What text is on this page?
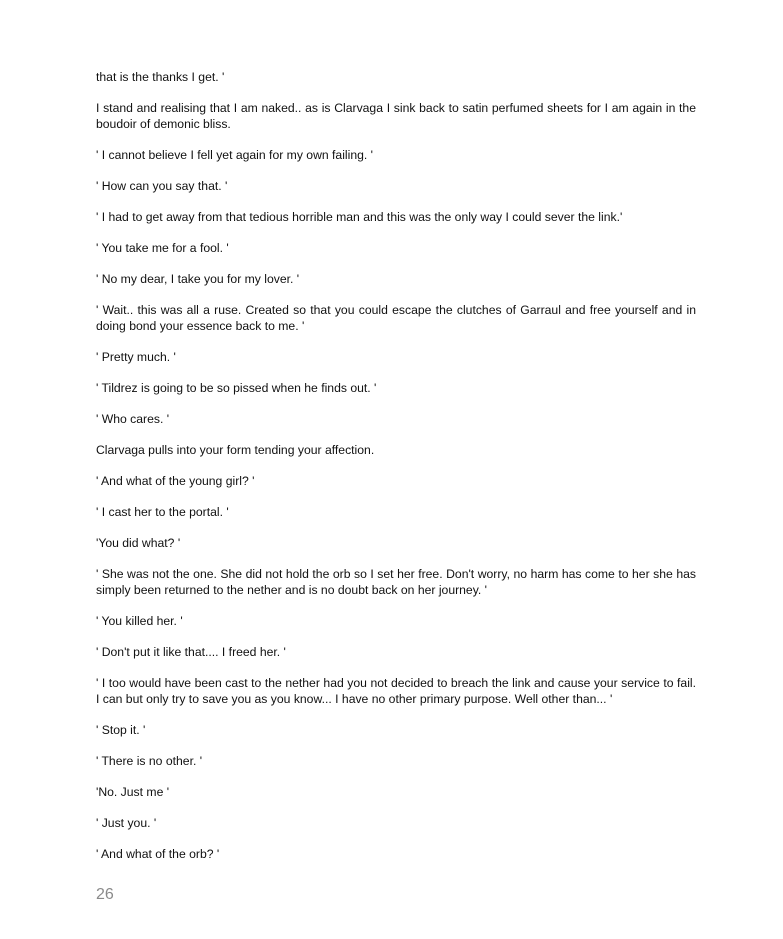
that is the thanks I get. '

I stand and realising that I am naked.. as is Clarvaga I sink back to satin perfumed sheets for I am again in the boudoir of demonic bliss.

' I cannot believe I fell yet again for my own failing. '

' How can you say that. '

' I had to get away from that tedious horrible man and this was the only way I could sever the link.'

' You take me for a fool. '

' No my dear, I take you for my lover. '

' Wait.. this was all a ruse. Created so that you could escape the clutches of Garraul and free yourself and in doing bond your essence back to me. '

' Pretty much. '

' Tildrez is going to be so pissed when he finds out. '

' Who cares. '

Clarvaga pulls into your form tending your affection.

' And what of the young girl? '

' I cast her to the portal. '

'You did what? '

' She was not the one. She did not hold the orb so I set her free. Don't worry, no harm has come to her she has simply been returned to the nether and is no doubt back on her journey. '

' You killed her. '

' Don't put it like that.... I freed her. '

' I too would have been cast to the nether had you not decided to breach the link and cause your service to fail. I can but only try to save you as you know... I have no other primary purpose. Well other than... '

' Stop it. '

' There is no other. '

'No. Just me '

' Just you. '

' And what of the orb? '

26
